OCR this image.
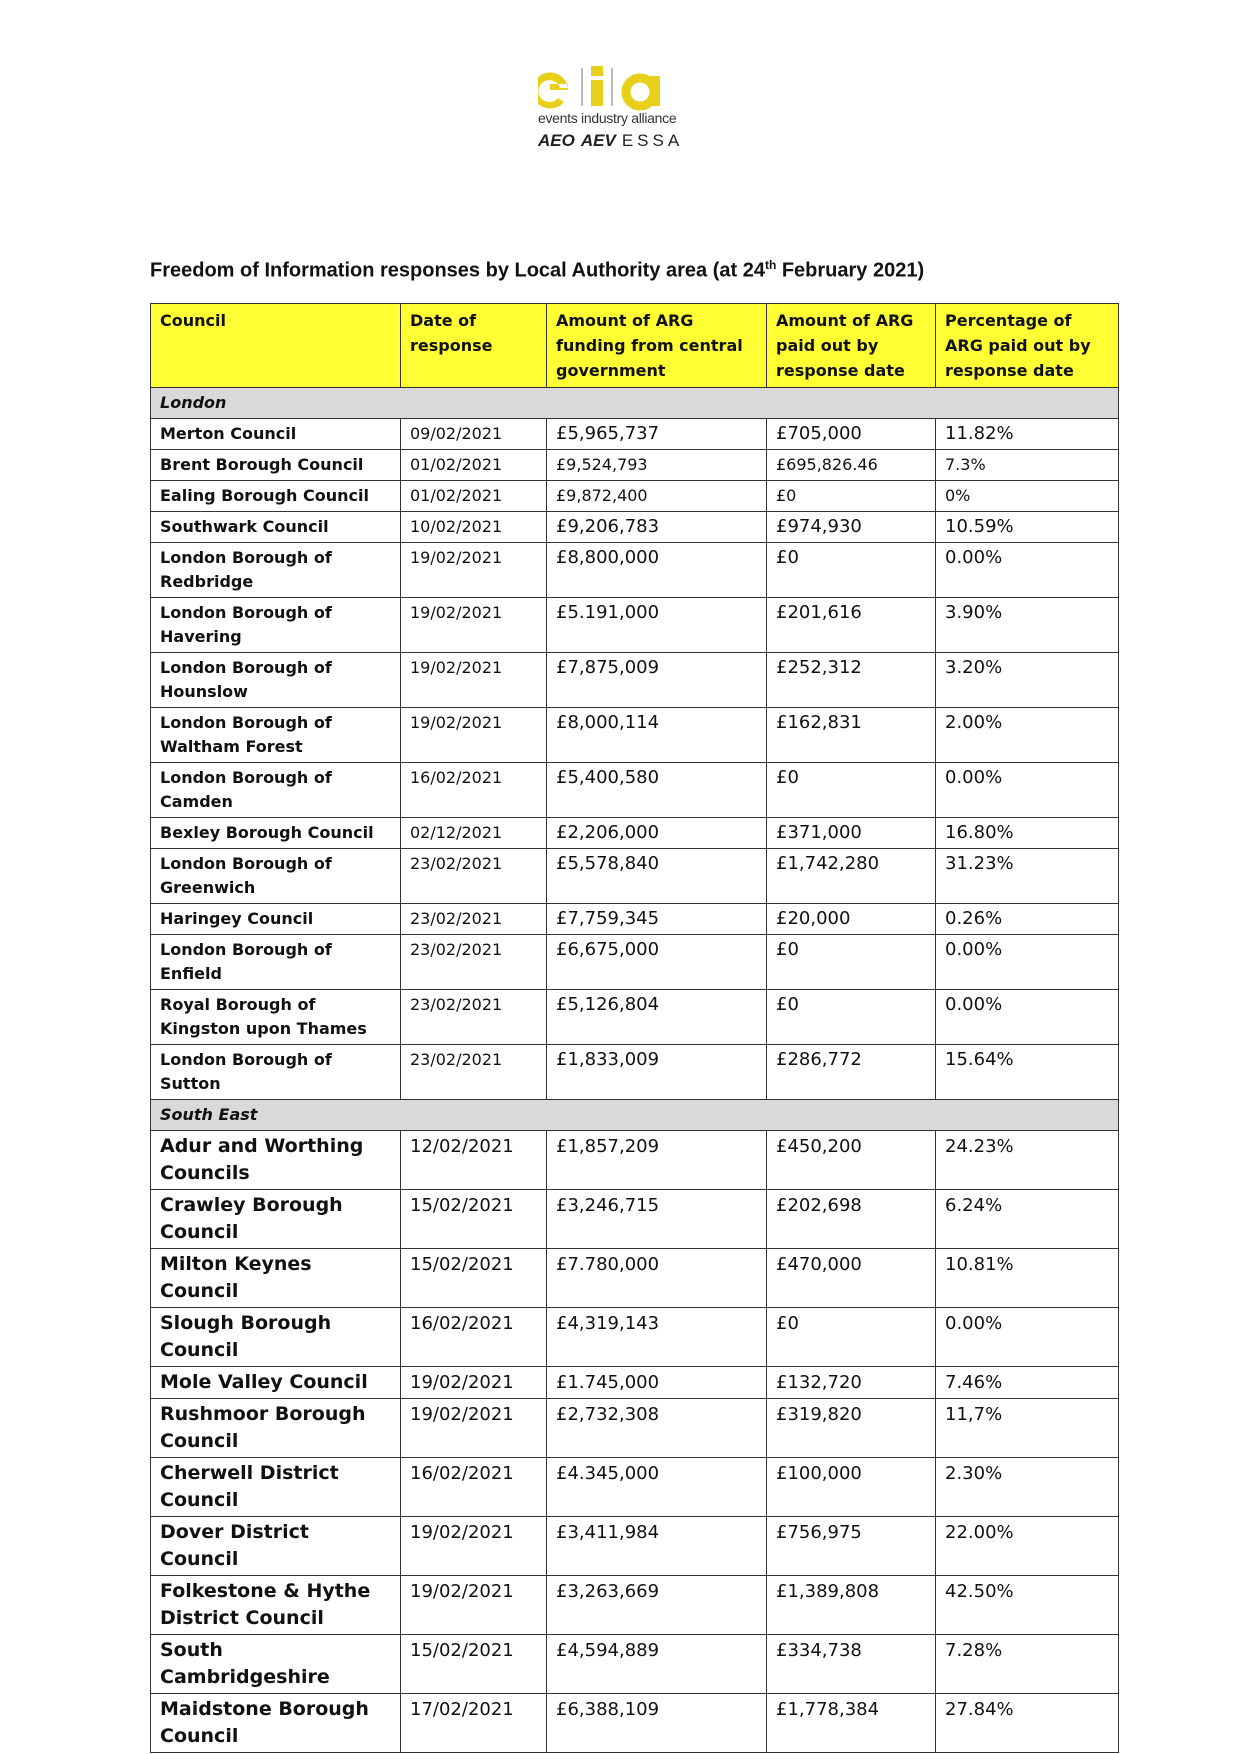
events industry alliance
AEO AEV ESSA
Freedom of Information responses by Local Authority area (at 24th February 2021)
Council	Date of response	Amount of ARG funding from central government	Amount of ARG paid out by response date	Percentage of ARG paid out by response date
London				
Merton Council	09/02/2021	£5,965,737	£705,000	11.82%
Brent Borough Council	01/02/2021	£9,524,793	£695,826.46	7.3%
Ealing Borough Council	01/02/2021	£9,872,400	£0	0%
Southwark Council	10/02/2021	£9,206,783	£974,930	10.59%
London Borough of Redbridge	19/02/2021	£8,800,000	£0	0.00%
London Borough of Havering	19/02/2021	£5.191,000	£201,616	3.90%
London Borough of Hounslow	19/02/2021	£7,875,009	£252,312	3.20%
London Borough of Waltham Forest	19/02/2021	£8,000,114	£162,831	2.00%
London Borough of Camden	16/02/2021	£5,400,580	£0	0.00%
Bexley Borough Council	02/12/2021	£2,206,000	£371,000	16.80%
London Borough of Greenwich	23/02/2021	£5,578,840	£1,742,280	31.23%
Haringey Council	23/02/2021	£7,759,345	£20,000	0.26%
London Borough of Enfield	23/02/2021	£6,675,000	£0	0.00%
Royal Borough of Kingston upon Thames	23/02/2021	£5,126,804	£0	0.00%
London Borough of Sutton	23/02/2021	£1,833,009	£286,772	15.64%
South East				
Adur and Worthing Councils	12/02/2021	£1,857,209	£450,200	24.23%
Crawley Borough Council	15/02/2021	£3,246,715	£202,698	6.24%
Milton Keynes Council	15/02/2021	£7.780,000	£470,000	10.81%
Slough Borough Council	16/02/2021	£4,319,143	£0	0.00%
Mole Valley Council	19/02/2021	£1.745,000	£132,720	7.46%
Rushmoor Borough Council	19/02/2021	£2,732,308	£319,820	11,7%
Cherwell District Council	16/02/2021	£4.345,000	£100,000	2.30%
Dover District Council	19/02/2021	£3,411,984	£756,975	22.00%
Folkestone & Hythe District Council	19/02/2021	£3,263,669	£1,389,808	42.50%
South Cambridgeshire	15/02/2021	£4,594,889	£334,738	7.28%
Maidstone Borough Council	17/02/2021	£6,388,109	£1,778,384	27.84%
